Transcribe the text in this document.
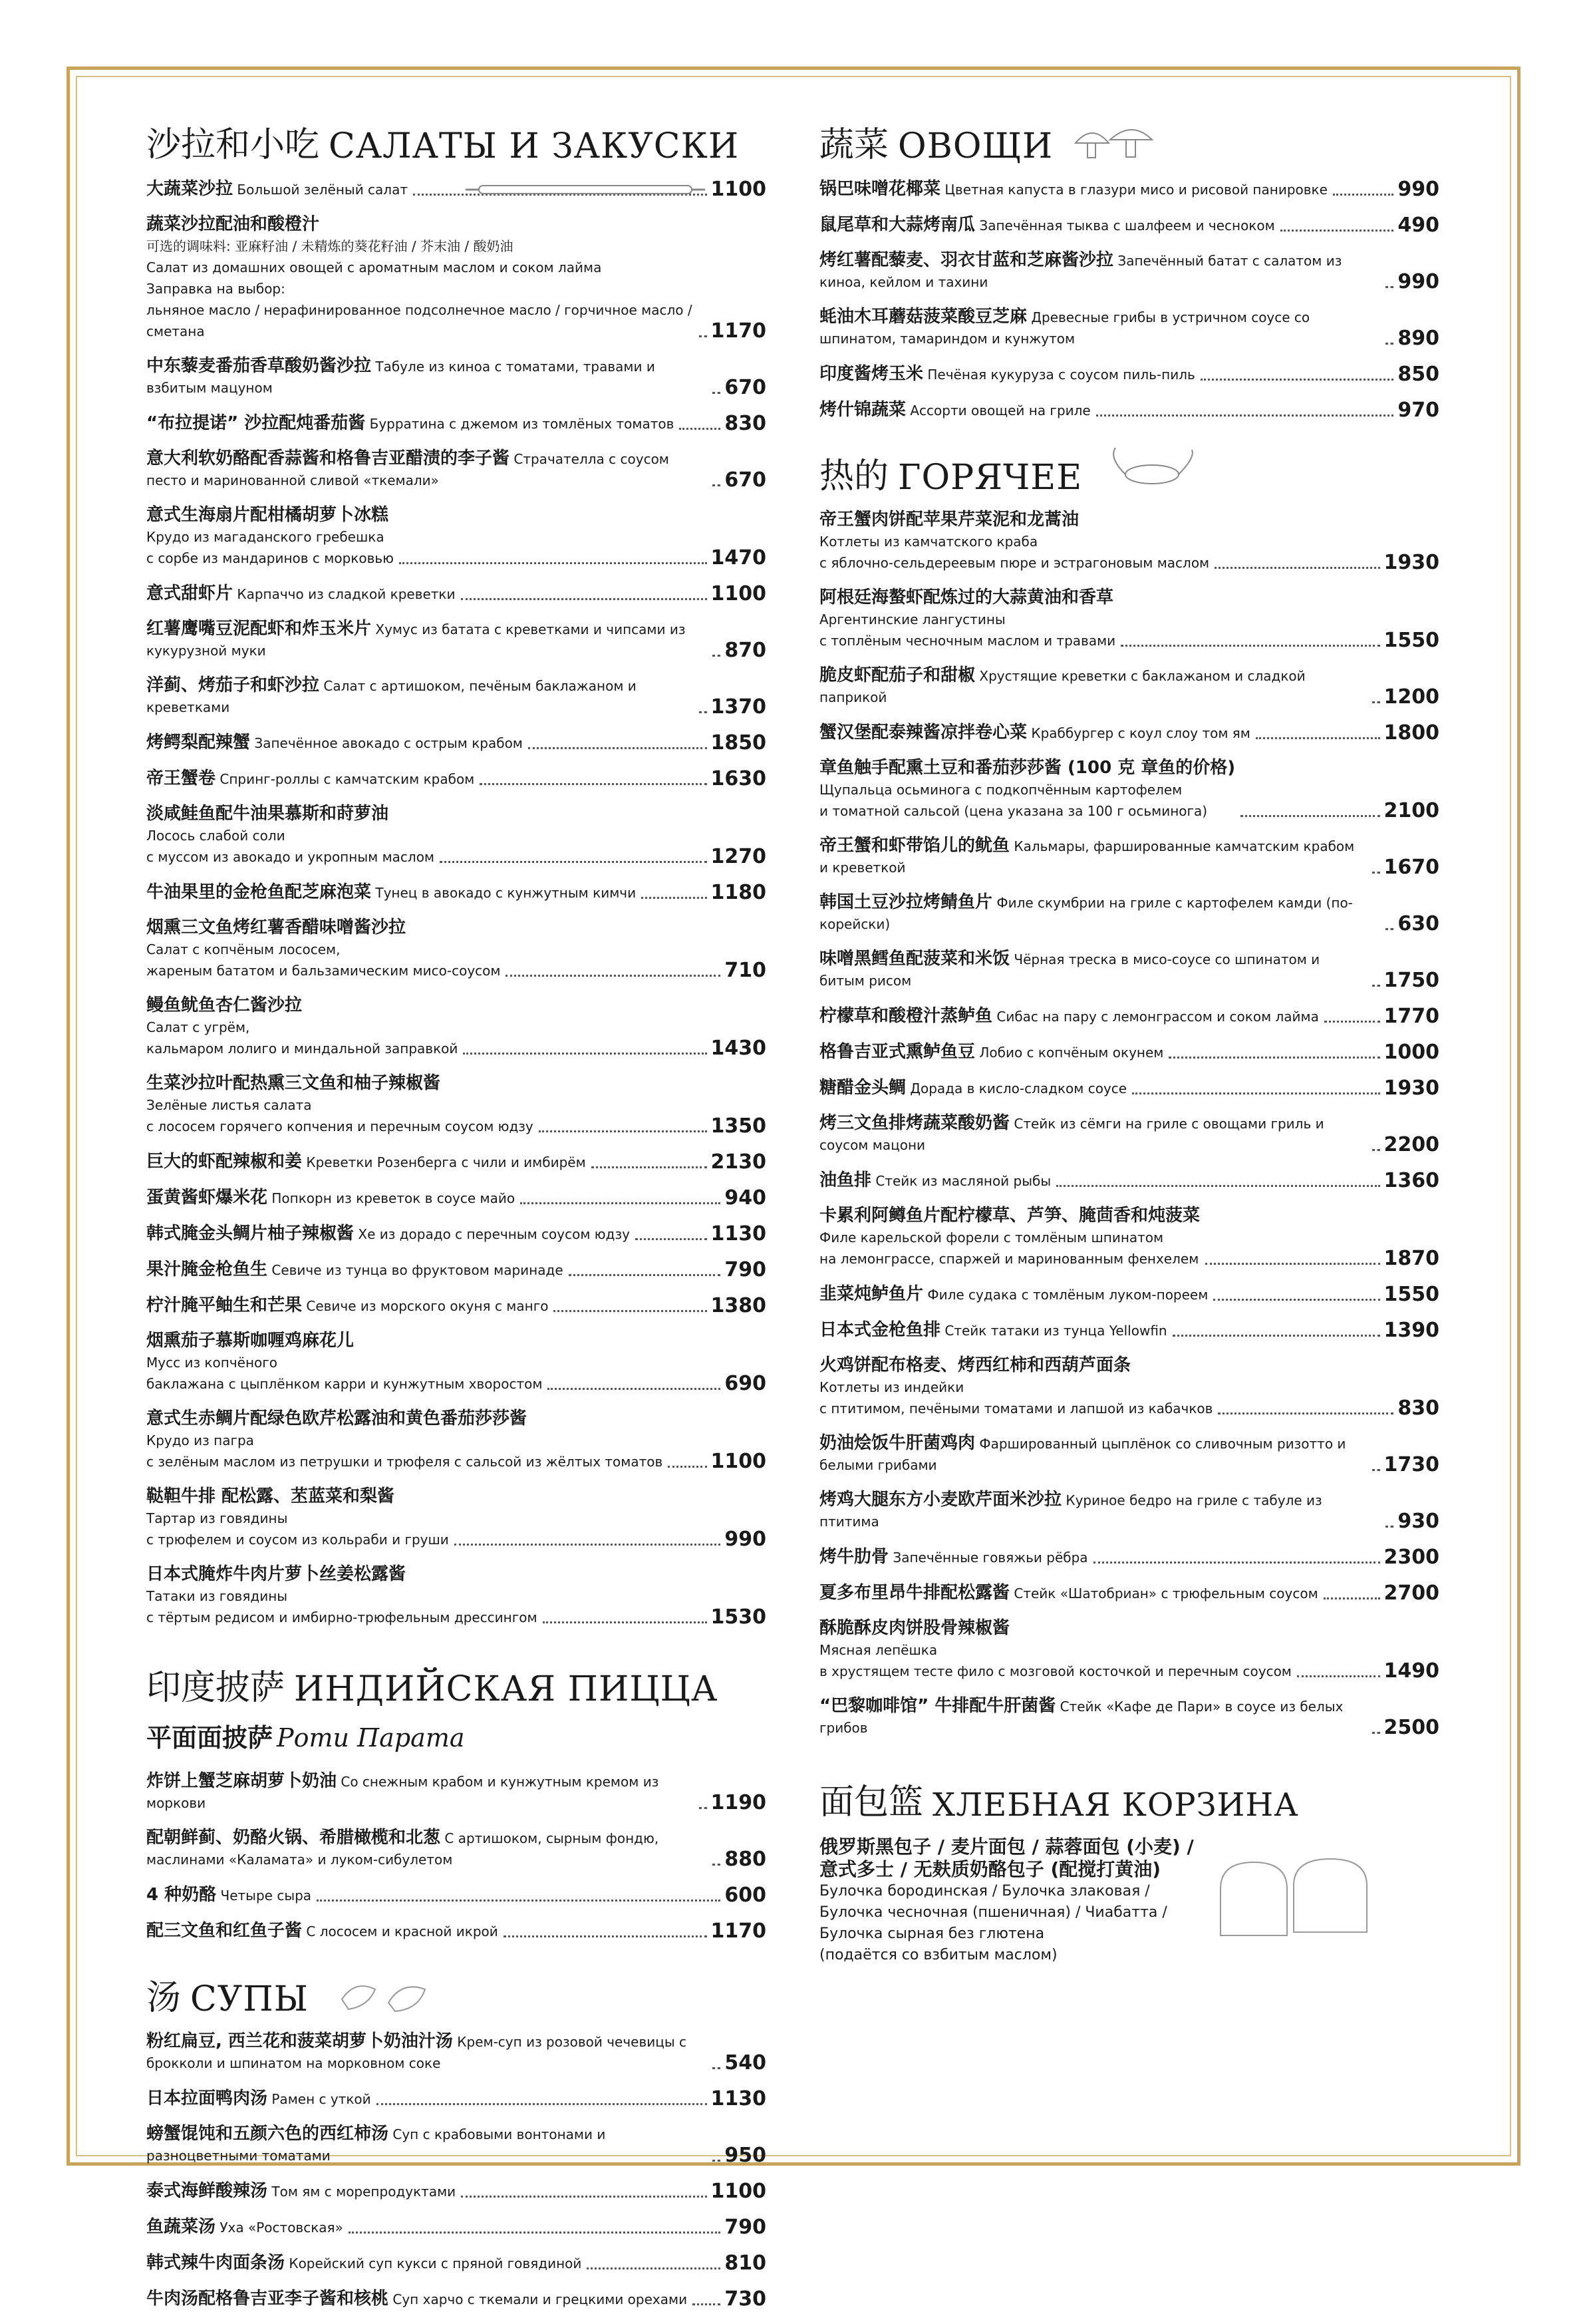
沙拉和小吃 САЛАТЫ И ЗАКУСКИ
大蔬菜沙拉 Большой зелёный салат	1100
蔬菜沙拉配油和酸橙汁
可选的调味料: 亚麻籽油 / 未精炼的葵花籽油 / 芥末油 / 酸奶油
Салат из домашних овощей с ароматным маслом и соком лайма
Заправка на выбор:
льняное масло / нерафинированное подсолнечное масло / горчичное масло / сметана	1170
中东藜麦番茄香草酸奶酱沙拉 Табуле из киноа с томатами, травами и взбитым мацуном	670
“布拉提诺” 沙拉配炖番茄酱 Бурратина с джемом из томлёных томатов	830
意大利软奶酪配香蒜酱和格鲁吉亚醋渍的李子酱 Страчателла с соусом песто и маринованной сливой «ткемали»	670
意式生海扇片配柑橘胡萝卜冰糕
Крудо из магаданского гребешка
с сорбе из мандаринов с морковью	1470
意式甜虾片 Карпаччо из сладкой креветки	1100
红薯鹰嘴豆泥配虾和炸玉米片 Хумус из батата с креветками и чипсами из кукурузной муки	870
洋蓟、烤茄子和虾沙拉 Салат с артишоком, печёным баклажаном и креветками	1370
烤鳄梨配辣蟹 Запечённое авокадо с острым крабом	1850
帝王蟹卷 Спринг-роллы с камчатским крабом	1630
淡咸鲑鱼配牛油果慕斯和莳萝油
Лосось слабой соли
с муссом из авокадо и укропным маслом	1270
牛油果里的金枪鱼配芝麻泡菜 Тунец в авокадо с кунжутным кимчи	1180
烟熏三文鱼烤红薯香醋味噌酱沙拉
Салат с копчёным лососем,
жареным бататом и бальзамическим мисо-соусом	710
鳗鱼鱿鱼杏仁酱沙拉
Салат с угрём,
кальмаром лолиго и миндальной заправкой	1430
生菜沙拉叶配热熏三文鱼和柚子辣椒酱
Зелёные листья салата
с лососем горячего копчения и перечным соусом юдзу	1350
巨大的虾配辣椒和姜 Креветки Розенберга с чили и имбирём	2130
蛋黄酱虾爆米花 Попкорн из креветок в соусе майо	940
韩式腌金头鲷片柚子辣椒酱 Хе из дорадо с перечным соусом юдзу	1130
果汁腌金枪鱼生 Севиче из тунца во фруктовом маринаде	790
柠汁腌平鲉生和芒果 Севиче из морского окуня с манго	1380
烟熏茄子慕斯咖喱鸡麻花儿
Мусс из копчёного
баклажана с цыплёнком карри и кунжутным хворостом	690
意式生赤鲷片配绿色欧芹松露油和黄色番茄莎莎酱
Крудо из пагра
с зелёным маслом из петрушки и трюфеля с сальсой из жёлтых томатов 1100
鞑靼牛排 配松露、苤蓝菜和梨酱
Тартар из говядины
с трюфелем и соусом из кольраби и груши	990
日本式腌炸牛肉片萝卜丝姜松露酱
Татаки из говядины
с тёртым редисом и имбирно-трюфельным дрессингом	1530
印度披萨 ИНДИЙСКАЯ ПИЦЦА
平面面披萨 Роти Парата
炸饼上蟹芝麻胡萝卜奶油 Со снежным крабом и кунжутным кремом из моркови	1190
配朝鲜蓟、奶酪火锅、希腊橄榄和北葱 С артишоком, сырным фондю, маслинами «Каламата» и луком-сибулетом	880
4 种奶酪 Четыре сыра	600
配三文鱼和红鱼子酱 С лососем и красной икрой	1170
汤 СУПЫ
粉红扁豆, 西兰花和菠菜胡萝卜奶油汁汤 Крем-суп из розовой чечевицы с брокколи и шпинатом на морковном соке	540
日本拉面鸭肉汤 Рамен с уткой	1130
螃蟹馄饨和五颜六色的西红柿汤 Суп с крабовыми вонтонами и разноцветными томатами	950
泰式海鲜酸辣汤 Том ям с морепродуктами	1100
鱼蔬菜汤 Уха «Ростовская»	790
韩式辣牛肉面条汤 Корейский суп кукси с пряной говядиной	810
牛肉汤配格鲁吉亚李子酱和核桃 Суп харчо с ткемали и грецкими орехами 730
蔬菜 ОВОЩИ
锅巴味噌花椰菜 Цветная капуста в глазури мисо и рисовой панировке	990
鼠尾草和大蒜烤南瓜 Запечённая тыква с шалфеем и чесноком	490
烤红薯配藜麦、羽衣甘蓝和芝麻酱沙拉 Запечённый батат с салатом из киноа, кейлом и тахини	990
蚝油木耳蘑菇菠菜酸豆芝麻 Древесные грибы в устричном соусе со шпинатом, тамариндом и кунжутом	890
印度酱烤玉米 Печёная кукуруза с соусом пиль-пиль	850
烤什锦蔬菜 Ассорти овощей на гриле	970
热的 ГОРЯЧЕЕ
帝王蟹肉饼配苹果芹菜泥和龙蒿油
Котлеты из камчатского краба
с яблочно-сельдереевым пюре и эстрагоновым маслом	1930
阿根廷海螯虾配炼过的大蒜黄油和香草
Аргентинские лангустины
с топлёным чесночным маслом и травами	1550
脆皮虾配茄子和甜椒 Хрустящие креветки с баклажаном и сладкой паприкой	1200
蟹汉堡配泰辣酱凉拌卷心菜 Краббургер с коул слоу том ям	1800
章鱼触手配熏土豆和番茄莎莎酱 (100 克 章鱼的价格)
Щупальца осьминога с подкопчённым картофелем
и томатной сальсой (цена указана за 100 г осьминога)	2100
帝王蟹和虾带馅儿的鱿鱼 Кальмары, фаршированные камчатским крабом и креветкой	1670
韩国土豆沙拉烤鲭鱼片 Филе скумбрии на гриле с картофелем камди (по-корейски)	630
味噌黑鳕鱼配菠菜和米饭 Чёрная треска в мисо-соусе со шпинатом и битым рисом	1750
柠檬草和酸橙汁蒸鲈鱼 Сибас на пару с лемонграссом и соком лайма	1770
格鲁吉亚式熏鲈鱼豆 Лобио с копчёным окунем	1000
糖醋金头鲷 Дорада в кисло-сладком соусе	1930
烤三文鱼排烤蔬菜酸奶酱 Стейк из сёмги на гриле с овощами гриль и соусом мацони	2200
油鱼排 Стейк из масляной рыбы	1360
卡累利阿鳟鱼片配柠檬草、芦笋、腌茴香和炖菠菜
Филе карельской форели с томлёным шпинатом
на лемонграссе, спаржей и маринованным фенхелем	1870
韭菜炖鲈鱼片 Филе судака с томлёным луком-пореем	1550
日本式金枪鱼排 Стейк татаки из тунца Yellowfin	1390
火鸡饼配布格麦、烤西红柿和西葫芦面条
Котлеты из индейки
с птитимом, печёными томатами и лапшой из кабачков	830
奶油烩饭牛肝菌鸡肉 Фаршированный цыплёнок со сливочным ризотто и белыми грибами	1730
烤鸡大腿东方小麦欧芹面米沙拉 Куриное бедро на гриле с табуле из птитима	930
烤牛肋骨 Запечённые говяжьи рёбра	2300
夏多布里昂牛排配松露酱 Стейк «Шатобриан» с трюфельным соусом	2700
酥脆酥皮肉饼股骨辣椒酱
Мясная лепёшка
в хрустящем тесте фило с мозговой косточкой и перечным соусом	1490
“巴黎咖啡馆” 牛排配牛肝菌酱 Стейк «Кафе де Пари» в соусе из белых грибов	2500
面包篮 ХЛЕБНАЯ КОРЗИНА
俄罗斯黑包子 / 麦片面包 / 蒜蓉面包 (小麦) /
意式多士 / 无麸质奶酪包子 (配搅打黄油)
Булочка бородинская / Булочка злаковая /
Булочка чесночная (пшеничная) / Чиабатта /
Булочка сырная без глютена
(подаётся со взбитым маслом)
